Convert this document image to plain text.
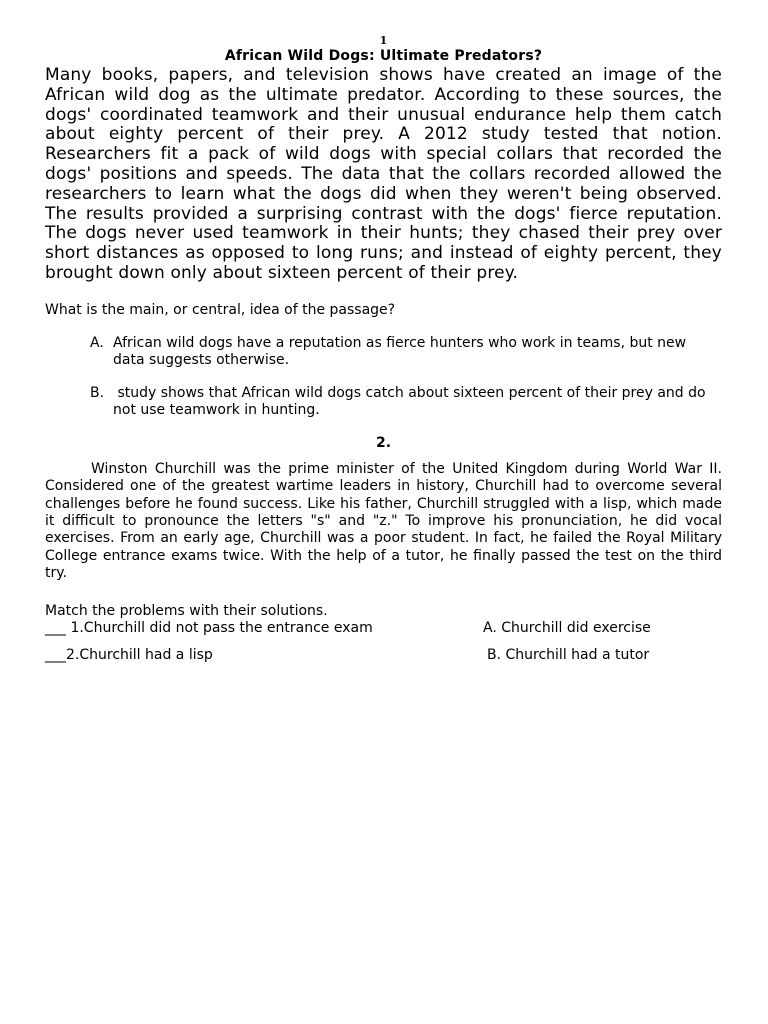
1
African Wild Dogs: Ultimate Predators?

Many books, papers, and television shows have created an image of the African wild dog as the ultimate predator. According to these sources, the dogs' coordinated teamwork and their unusual endurance help them catch about eighty percent of their prey. A 2012 study tested that notion. Researchers fit a pack of wild dogs with special collars that recorded the dogs' positions and speeds. The data that the collars recorded allowed the researchers to learn what the dogs did when they weren't being observed. The results provided a surprising contrast with the dogs' fierce reputation. The dogs never used teamwork in their hunts; they chased their prey over short distances as opposed to long runs; and instead of eighty percent, they brought down only about sixteen percent of their prey.

What is the main, or central, idea of the passage?

A. African wild dogs have a reputation as fierce hunters who work in teams, but new data suggests otherwise.
B. study shows that African wild dogs catch about sixteen percent of their prey and do not use teamwork in hunting.
2.

Winston Churchill was the prime minister of the United Kingdom during World War II. Considered one of the greatest wartime leaders in history, Churchill had to overcome several challenges before he found success. Like his father, Churchill struggled with a lisp, which made it difficult to pronounce the letters "s" and "z." To improve his pronunciation, he did vocal exercises. From an early age, Churchill was a poor student. In fact, he failed the Royal Military College entrance exams twice. With the help of a tutor, he finally passed the test on the third try.

Match the problems with their solutions.
___ 1.Churchill did not pass the entrance exam	A. Churchill did exercise
___2.Churchill had a lisp	B. Churchill had a tutor
